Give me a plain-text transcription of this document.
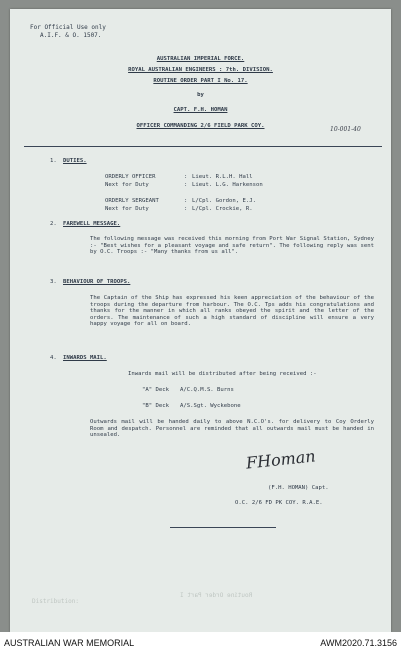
For Official Use only
A.I.F. & O. 1507.
AUSTRALIAN IMPERIAL FORCE.
ROYAL AUSTRALIAN ENGINEERS : 7th. DIVISION.
ROUTINE ORDER PART I No. 17.
by
CAPT. F.H. HOMAN
OFFICER COMMANDING 2/6 FIELD PARK COY.	10-001-40
1. DUTIES.
ORDERLY OFFICER	: Lieut. R.L.H. Hall
Next for Duty	: Lieut. L.G. Harkenson
ORDERLY SERGEANT	: L/Cpl. Gordon, E.J.
Next for Duty	: L/Cpl. Crockie, R.
2. FAREWELL MESSAGE.
The following message was received this morning from Port War Signal Station, Sydney :- "Best wishes for a pleasant voyage and safe return". The following reply was sent by O.C. Troops :- "Many thanks from us all".
3. BEHAVIOUR OF TROOPS.
The Captain of the Ship has expressed his keen appreciation of the behaviour of the troops during the departure from harbour. The O.C. Tps adds his congratulations and thanks for the manner in which all ranks obeyed the spirit and the letter of the orders. The maintenance of such a high standard of discipline will ensure a very happy voyage for all on board.
4. INWARDS MAIL.
Inwards mail will be distributed after being received :-
"A" Deck A/C.Q.M.S. Burns
"B" Deck A/S.Sgt. Wyckebone
Outwards mail will be handed daily to above N.C.O's. for delivery to Coy Orderly Room and despatch. Personnel are reminded that all outwards mail must be handed in unsealed.
FHoman
(F.H. HOMAN) Capt.
O.C. 2/6 FD PK COY. R.A.E.
Distribution:
Routine Order Part I
AUSTRALIAN WAR MEMORIAL	AWM2020.71.3156
